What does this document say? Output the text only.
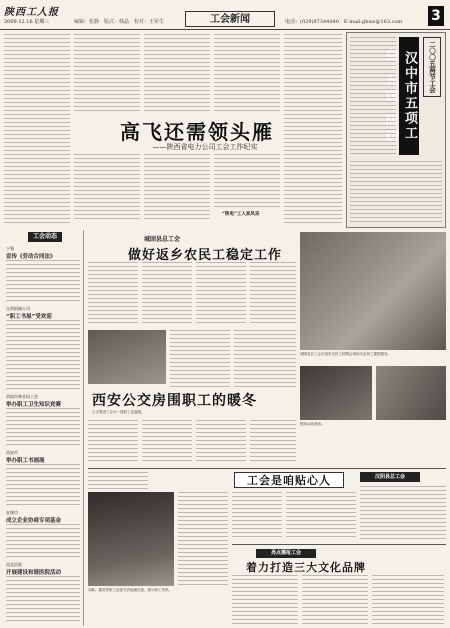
陕西工人报
2009.12.16 星期三	编辑：张静　版式：韩晶　校对：王军生	工会新闻	电话：(029)87344040　E-mail:ghxw@163.com 3
高飞还需领头雁
——陕西省电力公司工会工作纪实
“陕电”工人家风采
汉中市五项工会“五送”活动	二〇〇五两节工会
工会动态
宁强
宣传《劳动合同法》
宝鸡机械公司
“职工书屋”受欢迎
渭南市林业局工会
举办职工卫生知识竞赛
西安市
举办职工书画展
安康市
成立企业协商专项基金
西北医院
开展建设和谐医院活动
城固县总工会
做好返乡农民工稳定工作
城固县总工会在返乡农民工招聘会现场为农民工提供服务。
慰问活动现场。
西安公交房围职工的暖冬
公交集团工会为一线职工送温暖。
工会是咱贴心人	汉阴县总工会
亮点播报工会
着力打造三大文化品牌
刘新、董奕等职工参加书法绘画比赛，展示职工风采。
